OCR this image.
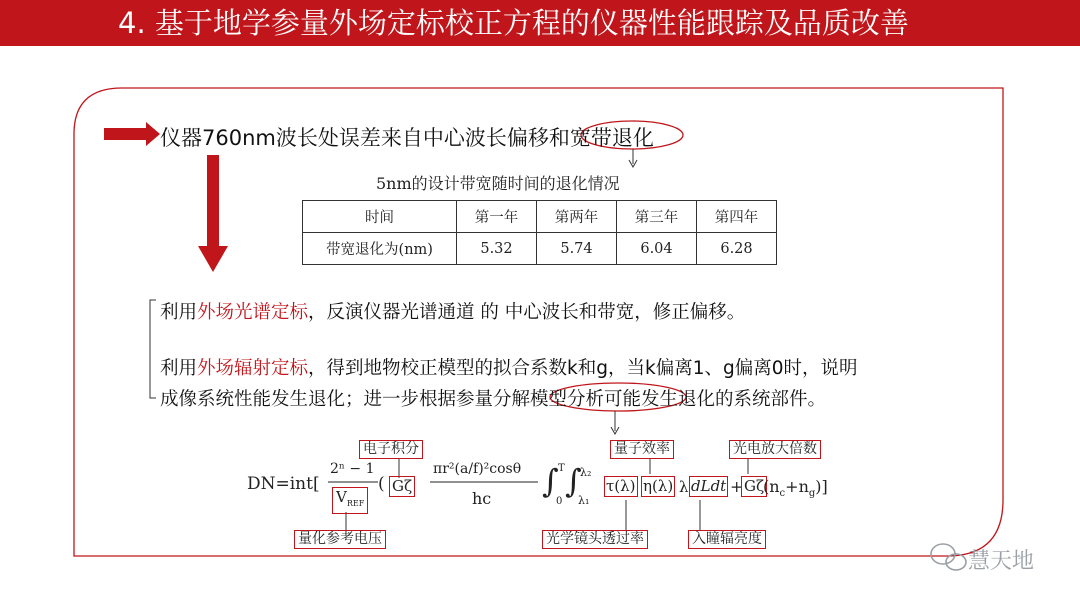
4. 基于地学参量外场定标校正方程的仪器性能跟踪及品质改善
仪器760nm波长处误差来自中心波长偏移和宽带退化
5nm的设计带宽随时间的退化情况
时间	第一年	第两年	第三年	第四年
带宽退化为(nm)	5.32	5.74	6.04	6.28
利用外场光谱定标，反演仪器光谱通道 的 中心波长和带宽，修正偏移。
利用外场辐射定标，得到地物校正模型的拟合系数k和g，当k偏离1、g偏离0时，说明
成像系统性能发生退化；进一步根据参量分解模型分析可能发生退化的系统部件。
DN=int[
2ⁿ − 1
$V_{REF}$
( Gζ
πr²(a/f)²cosθ
hc ∫ T
0
∫
λ₂
λ₁
τ(λ) η(λ) λ dLdt + Gζ
$(n_c+n_g)$]
电子积分	量子效率	光电放大倍数
量化参考电压	光学镜头透过率	入瞳辐亮度
慧天地
